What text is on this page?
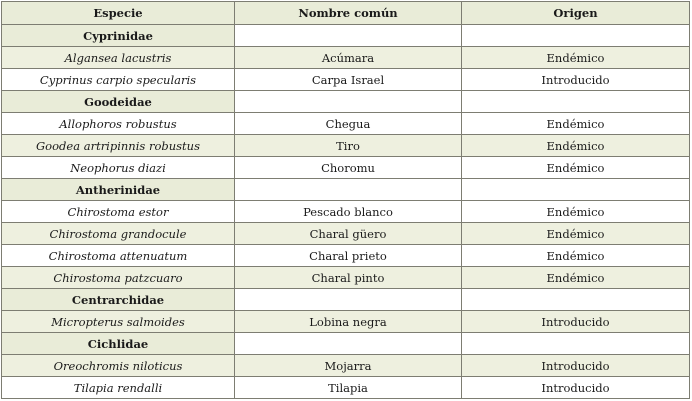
Especie	Nombre común	Origen
Cyprinidae		
Algansea lacustris	Acúmara	Endémico
Cyprinus carpio specularis	Carpa Israel	Introducido
Goodeidae		
Allophoros robustus	Chegua	Endémico
Goodea artripinnis robustus	Tiro	Endémico
Neophorus diazi	Choromu	Endémico
Antherinidae		
Chirostoma estor	Pescado blanco	Endémico
Chirostoma grandocule	Charal güero	Endémico
Chirostoma attenuatum	Charal prieto	Endémico
Chirostoma patzcuaro	Charal pinto	Endémico
Centrarchidae		
Micropterus salmoides	Lobina negra	Introducido
Cichlidae		
Oreochromis niloticus	Mojarra	Introducido
Tilapia rendalli	Tilapia	Introducido
